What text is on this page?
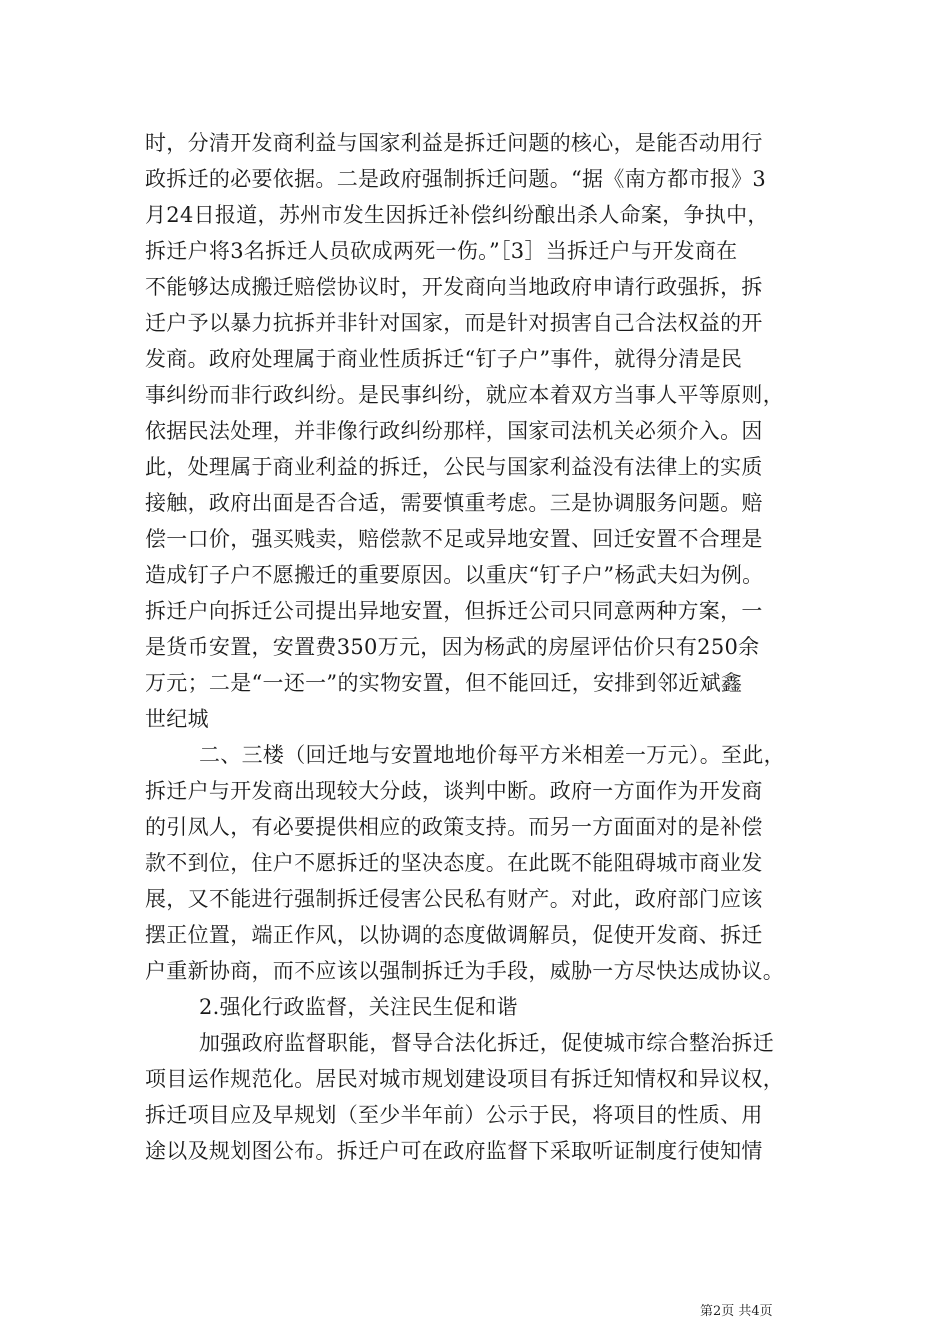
时，分清开发商利益与国家利益是拆迁问题的核心，是能否动用行
政拆迁的必要依据。二是政府强制拆迁问题。“据《南方都市报》3
月24日报道，苏州市发生因拆迁补偿纠纷酿出杀人命案，争执中，
拆迁户将3名拆迁人员砍成两死一伤。”［3］当拆迁户与开发商在
不能够达成搬迁赔偿协议时，开发商向当地政府申请行政强拆，拆
迁户予以暴力抗拆并非针对国家，而是针对损害自己合法权益的开
发商。政府处理属于商业性质拆迁“钉子户”事件，就得分清是民
事纠纷而非行政纠纷。是民事纠纷，就应本着双方当事人平等原则，
依据民法处理，并非像行政纠纷那样，国家司法机关必须介入。因
此，处理属于商业利益的拆迁，公民与国家利益没有法律上的实质
接触，政府出面是否合适，需要慎重考虑。三是协调服务问题。赔
偿一口价，强买贱卖，赔偿款不足或异地安置、回迁安置不合理是
造成钉子户不愿搬迁的重要原因。以重庆“钉子户”杨武夫妇为例。
拆迁户向拆迁公司提出异地安置，但拆迁公司只同意两种方案，一
是货币安置，安置费350万元，因为杨武的房屋评估价只有250余
万元；二是“一还一”的实物安置，但不能回迁，安排到邻近斌鑫
世纪城
二、三楼（回迁地与安置地地价每平方米相差一万元）。至此，
拆迁户与开发商出现较大分歧，谈判中断。政府一方面作为开发商
的引凤人，有必要提供相应的政策支持。而另一方面面对的是补偿
款不到位，住户不愿拆迁的坚决态度。在此既不能阻碍城市商业发
展，又不能进行强制拆迁侵害公民私有财产。对此，政府部门应该
摆正位置，端正作风，以协调的态度做调解员，促使开发商、拆迁
户重新协商，而不应该以强制拆迁为手段，威胁一方尽快达成协议。
2.强化行政监督，关注民生促和谐
加强政府监督职能，督导合法化拆迁，促使城市综合整治拆迁
项目运作规范化。居民对城市规划建设项目有拆迁知情权和异议权，
拆迁项目应及早规划（至少半年前）公示于民，将项目的性质、用
途以及规划图公布。拆迁户可在政府监督下采取听证制度行使知情
第2页 共4页
